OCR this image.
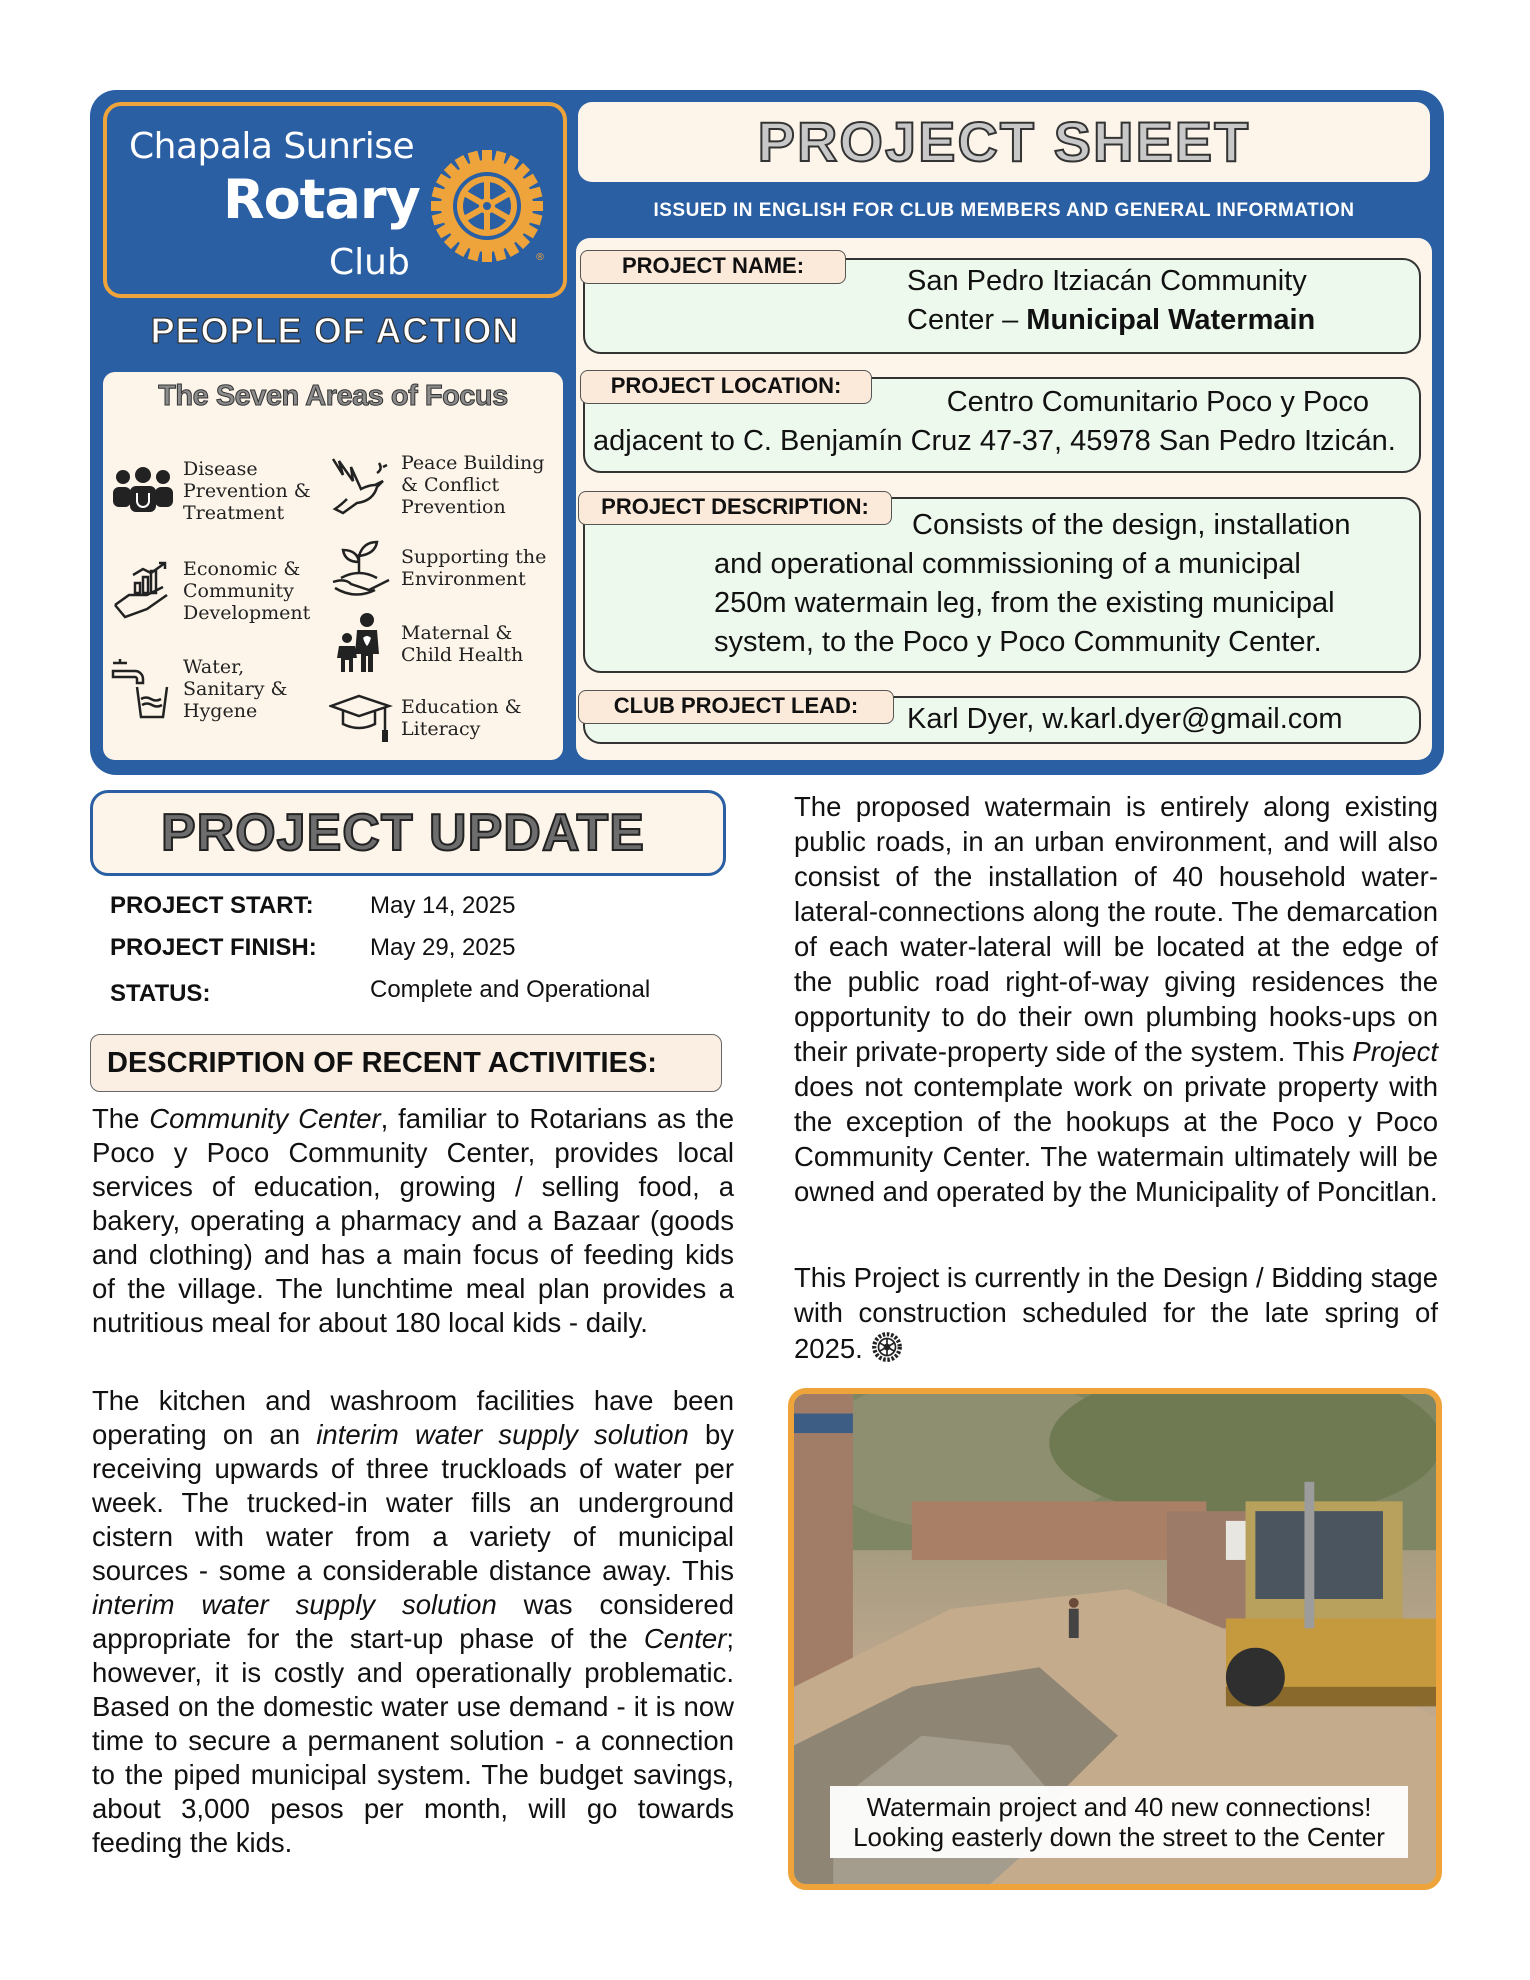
Chapala Sunrise
Rotary
Club	®
PEOPLE OF ACTION
The Seven Areas of Focus
Disease Prevention & Treatment
Economic & Community Development
Water, Sanitary & Hygene
Peace Building & Conflict Prevention
Supporting the Environment
Maternal & Child Health
Education & Literacy
PROJECT SHEET
ISSUED IN ENGLISH FOR CLUB MEMBERS AND GENERAL INFORMATION
PROJECT NAME:	San Pedro Itziacán Community
Center – Municipal Watermain
PROJECT LOCATION:
Centro Comunitario Poco y Poco
adjacent to C. Benjamín Cruz 47-37, 45978 San Pedro Itzicán.
PROJECT DESCRIPTION:
Consists of the design, installation
and operational commissioning of a municipal
250m watermain leg, from the existing municipal
system, to the Poco y Poco Community Center.
CLUB PROJECT LEAD:	Karl Dyer, w.karl.dyer@gmail.com
PROJECT UPDATE
PROJECT START: May 14, 2025
PROJECT FINISH: May 29, 2025
STATUS:	Complete and Operational
DESCRIPTION OF RECENT ACTIVITIES:
The Community Center, familiar to Rotarians as the Poco y Poco Community Center, provides local services of education, growing / selling food, a bakery, operating a pharmacy and a Bazaar (goods and clothing) and has a main focus of feeding kids of the village. The lunchtime meal plan provides a nutritious meal for about 180 local kids - daily.
The kitchen and washroom facilities have been operating on an interim water supply solution by receiving upwards of three truckloads of water per week. The trucked-in water fills an underground cistern with water from a variety of municipal sources - some a considerable distance away. This interim water supply solution was considered appropriate for the start-up phase of the Center; however, it is costly and operationally problematic. Based on the domestic water use demand - it is now time to secure a permanent solution - a connection to the piped municipal system. The budget savings, about 3,000 pesos per month, will go towards feeding the kids.
The proposed watermain is entirely along existing public roads, in an urban environment, and will also consist of the installation of 40 household water-lateral-connections along the route. The demarcation of each water-lateral will be located at the edge of the public road right-of-way giving residences the opportunity to do their own plumbing hooks-ups on their private-property side of the system. This Project does not contemplate work on private property with the exception of the hookups at the Poco y Poco Community Center. The watermain ultimately will be owned and operated by the Municipality of Poncitlan.
This Project is currently in the Design / Bidding stage with construction scheduled for the late spring of 2025.
Watermain project and 40 new connections!
Looking easterly down the street to the Center
